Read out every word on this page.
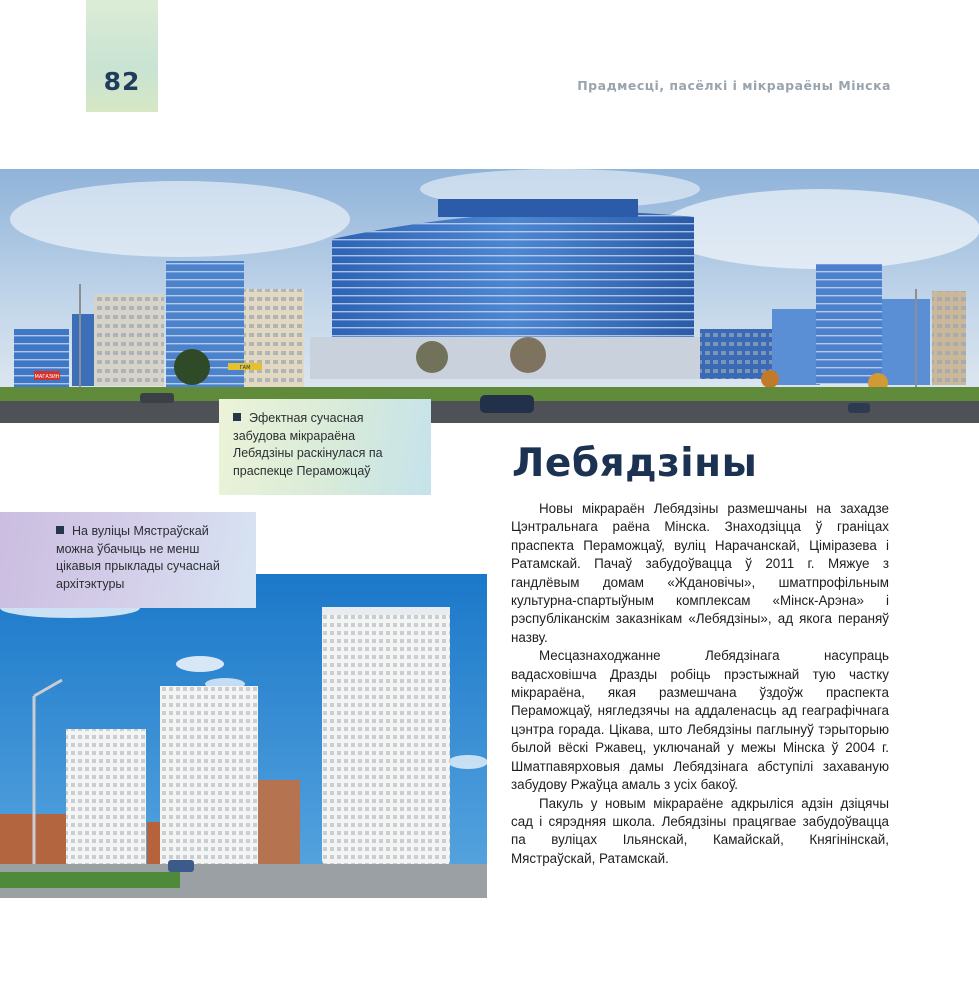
82	Прадмесці, пасёлкі і мікрараёны Мінска
МАГАЗИН
ГАМ
Эфектная сучасная забудова мікрараёна Лебядзіны раскінулася па праспекце Пераможцаў
На вуліцы Мястраўскай можна ўбачыць не менш цікавыя прыклады сучаснай архітэктуры
Лебядзіны

Новы мікрараён Лебядзіны размешчаны на захадзе Цэнтральнага раёна Мінска. Знаходзіцца ў граніцах праспекта Пераможцаў, вуліц Нарачанскай, Цімiразева і Ратамскай. Пачаў забудоўвацца ў 2011 г. Мяжуе з гандлёвым домам «Ждановічы», шматпрофільным культурна-спартыўным комплексам «Мінск-Арэна» і рэспубліканскім заказнікам «Лебядзіны», ад якога пераняў назву.

Месцазнаходжанне Лебядзінага насупраць вадасховішча Дразды робіць прэстыжнай тую частку мікрараёна, якая размешчана ўздоўж праспекта Пераможцаў, нягледзячы на аддаленасць ад геаграфічнага цэнтра горада. Цікава, што Лебядзіны паглынуў тэрыторыю былой вёскі Ржавец, уключанай у межы Мінска ў 2004 г. Шматпавярховыя дамы Лебядзінага абступілі захаваную забудову Ржаўца амаль з усіх бакоў.

Пакуль у новым мікрараёне адкрыліся адзін дзіцячы сад і сярэдняя школа. Лебядзіны працягвае забудоўвацца па вуліцах Ільянскай, Камайскай, Княгінінскай, Мястраўскай, Ратамскай.
